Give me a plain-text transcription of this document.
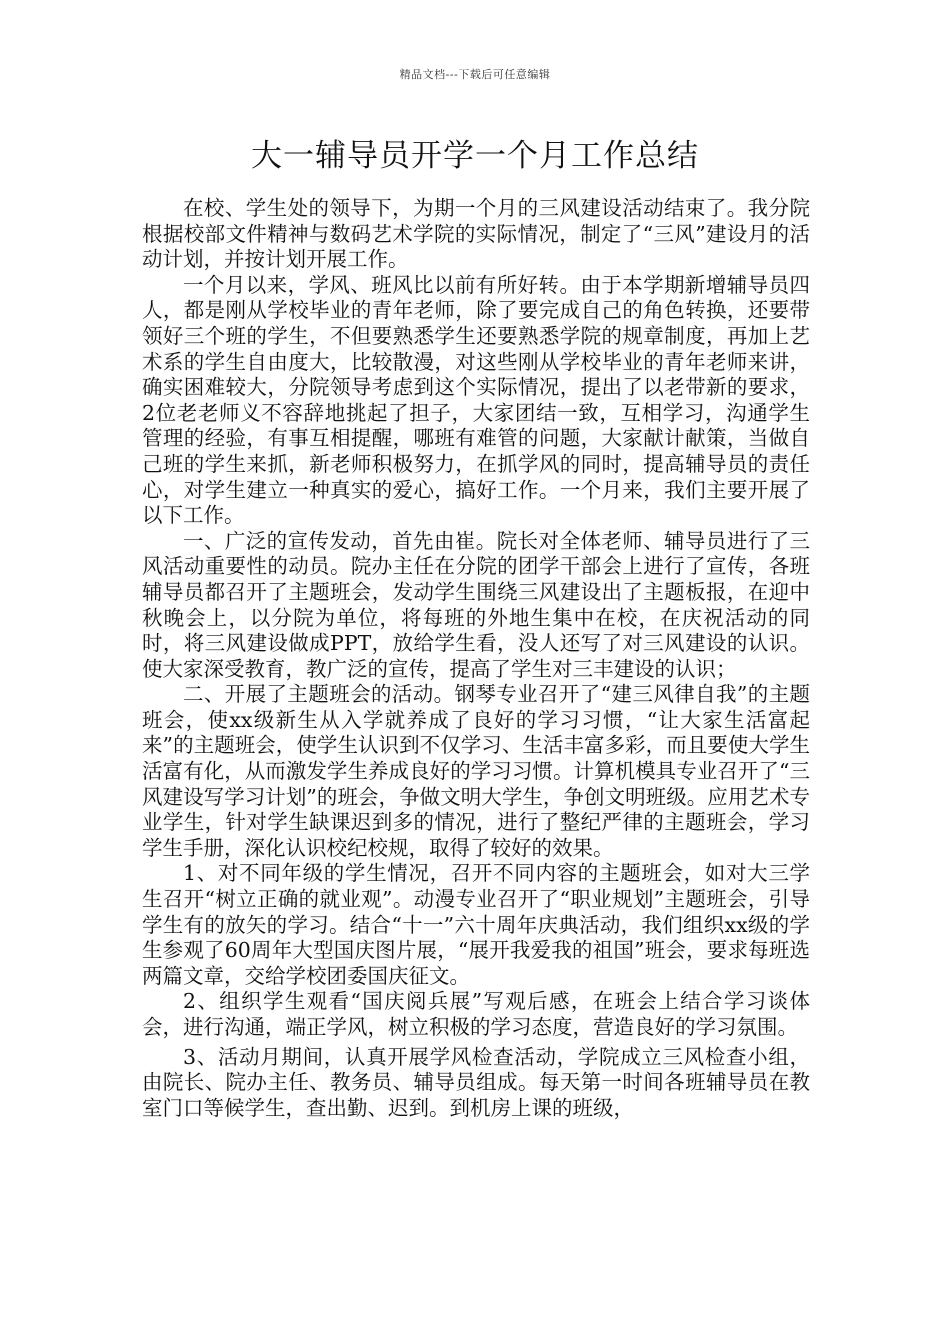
精品文档---下载后可任意编辑
大一辅导员开学一个月工作总结

在校、学生处的领导下，为期一个月的三风建设活动结束了。我分院根据校部文件精神与数码艺术学院的实际情况，制定了“三风”建设月的活动计划，并按计划开展工作。

一个月以来，学风、班风比以前有所好转。由于本学期新增辅导员四人，都是刚从学校毕业的青年老师，除了要完成自己的角色转换，还要带领好三个班的学生，不但要熟悉学生还要熟悉学院的规章制度，再加上艺术系的学生自由度大，比较散漫，对这些刚从学校毕业的青年老师来讲，确实困难较大，分院领导考虑到这个实际情况，提出了以老带新的要求，2位老老师义不容辞地挑起了担子，大家团结一致，互相学习，沟通学生管理的经验，有事互相提醒，哪班有难管的问题，大家献计献策，当做自己班的学生来抓，新老师积极努力，在抓学风的同时，提高辅导员的责任心，对学生建立一种真实的爱心，搞好工作。一个月来，我们主要开展了以下工作。

一、广泛的宣传发动，首先由崔。院长对全体老师、辅导员进行了三风活动重要性的动员。院办主任在分院的团学干部会上进行了宣传，各班辅导员都召开了主题班会，发动学生围绕三风建设出了主题板报，在迎中秋晚会上，以分院为单位，将每班的外地生集中在校，在庆祝活动的同时，将三风建设做成PPT，放给学生看，没人还写了对三风建设的认识。使大家深受教育，教广泛的宣传，提高了学生对三丰建设的认识；

二、开展了主题班会的活动。钢琴专业召开了“建三风律自我”的主题班会，使xx级新生从入学就养成了良好的学习习惯，“让大家生活富起来”的主题班会，使学生认识到不仅学习、生活丰富多彩，而且要使大学生活富有化，从而激发学生养成良好的学习习惯。计算机模具专业召开了“三风建设写学习计划”的班会，争做文明大学生，争创文明班级。应用艺术专业学生，针对学生缺课迟到多的情况，进行了整纪严律的主题班会，学习学生手册，深化认识校纪校规，取得了较好的效果。

1、对不同年级的学生情况，召开不同内容的主题班会，如对大三学生召开“树立正确的就业观”。动漫专业召开了“职业规划”主题班会，引导学生有的放矢的学习。结合“十一”六十周年庆典活动，我们组织xx级的学生参观了60周年大型国庆图片展，“展开我爱我的祖国”班会，要求每班选两篇文章，交给学校团委国庆征文。

2、组织学生观看“国庆阅兵展”写观后感，在班会上结合学习谈体会，进行沟通，端正学风，树立积极的学习态度，营造良好的学习氛围。

3、活动月期间，认真开展学风检查活动，学院成立三风检查小组，由院长、院办主任、教务员、辅导员组成。每天第一时间各班辅导员在教室门口等候学生，查出勤、迟到。到机房上课的班级，
